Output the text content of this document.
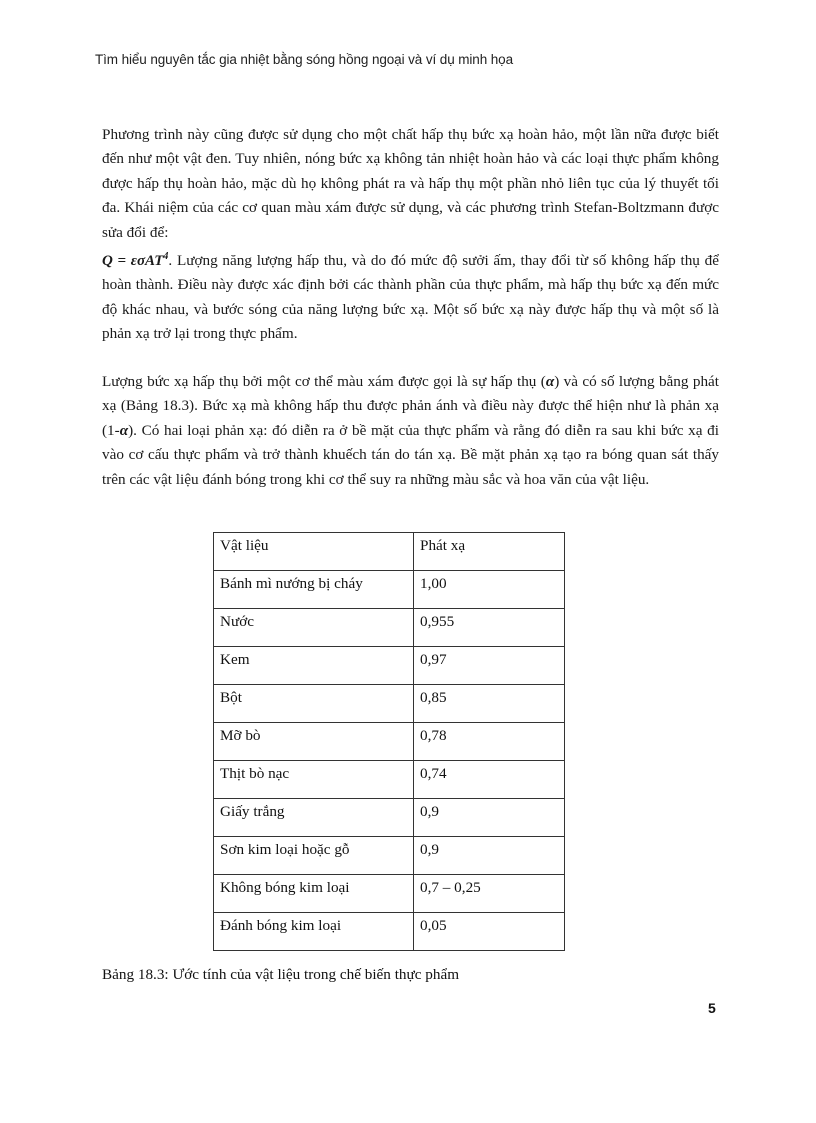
Tìm hiểu nguyên tắc gia nhiệt bằng sóng hồng ngoại và ví dụ minh họa
Phương trình này cũng được sử dụng cho một chất hấp thụ bức xạ hoàn hảo, một lần nữa được biết đến như một vật đen. Tuy nhiên, nóng bức xạ không tản nhiệt hoàn hảo và các loại thực phẩm không được hấp thụ hoàn hảo, mặc dù họ không phát ra và hấp thụ một phần nhỏ liên tục của lý thuyết tối đa. Khái niệm của các cơ quan màu xám được sử dụng, và các phương trình Stefan-Boltzmann được sửa đổi để:
Q = εσAT$^4$. Lượng năng lượng hấp thu, và do đó mức độ sưởi ấm, thay đổi từ số không hấp thụ để hoàn thành. Điều này được xác định bởi các thành phần của thực phẩm, mà hấp thụ bức xạ đến mức độ khác nhau, và bước sóng của năng lượng bức xạ. Một số bức xạ này được hấp thụ và một số là phản xạ trở lại trong thực phẩm.
Lượng bức xạ hấp thụ bởi một cơ thể màu xám được gọi là sự hấp thụ (α) và có số lượng bằng phát xạ (Bảng 18.3). Bức xạ mà không hấp thu được phản ánh và điều này được thể hiện như là phản xạ (1-α). Có hai loại phản xạ: đó diễn ra ở bề mặt của thực phẩm và rằng đó diễn ra sau khi bức xạ đi vào cơ cấu thực phẩm và trở thành khuếch tán do tán xạ. Bề mặt phản xạ tạo ra bóng quan sát thấy trên các vật liệu đánh bóng trong khi cơ thể suy ra những màu sắc và hoa văn của vật liệu.
Vật liệu	Phát xạ
Bánh mì nướng bị cháy	1,00
Nước	0,955
Kem	0,97
Bột	0,85
Mỡ bò	0,78
Thịt bò nạc	0,74
Giấy trắng	0,9
Sơn kim loại hoặc gỗ	0,9
Không bóng kim loại	0,7 – 0,25
Đánh bóng kim loại	0,05
Bảng 18.3: Ước tính của vật liệu trong chế biến thực phẩm
5
